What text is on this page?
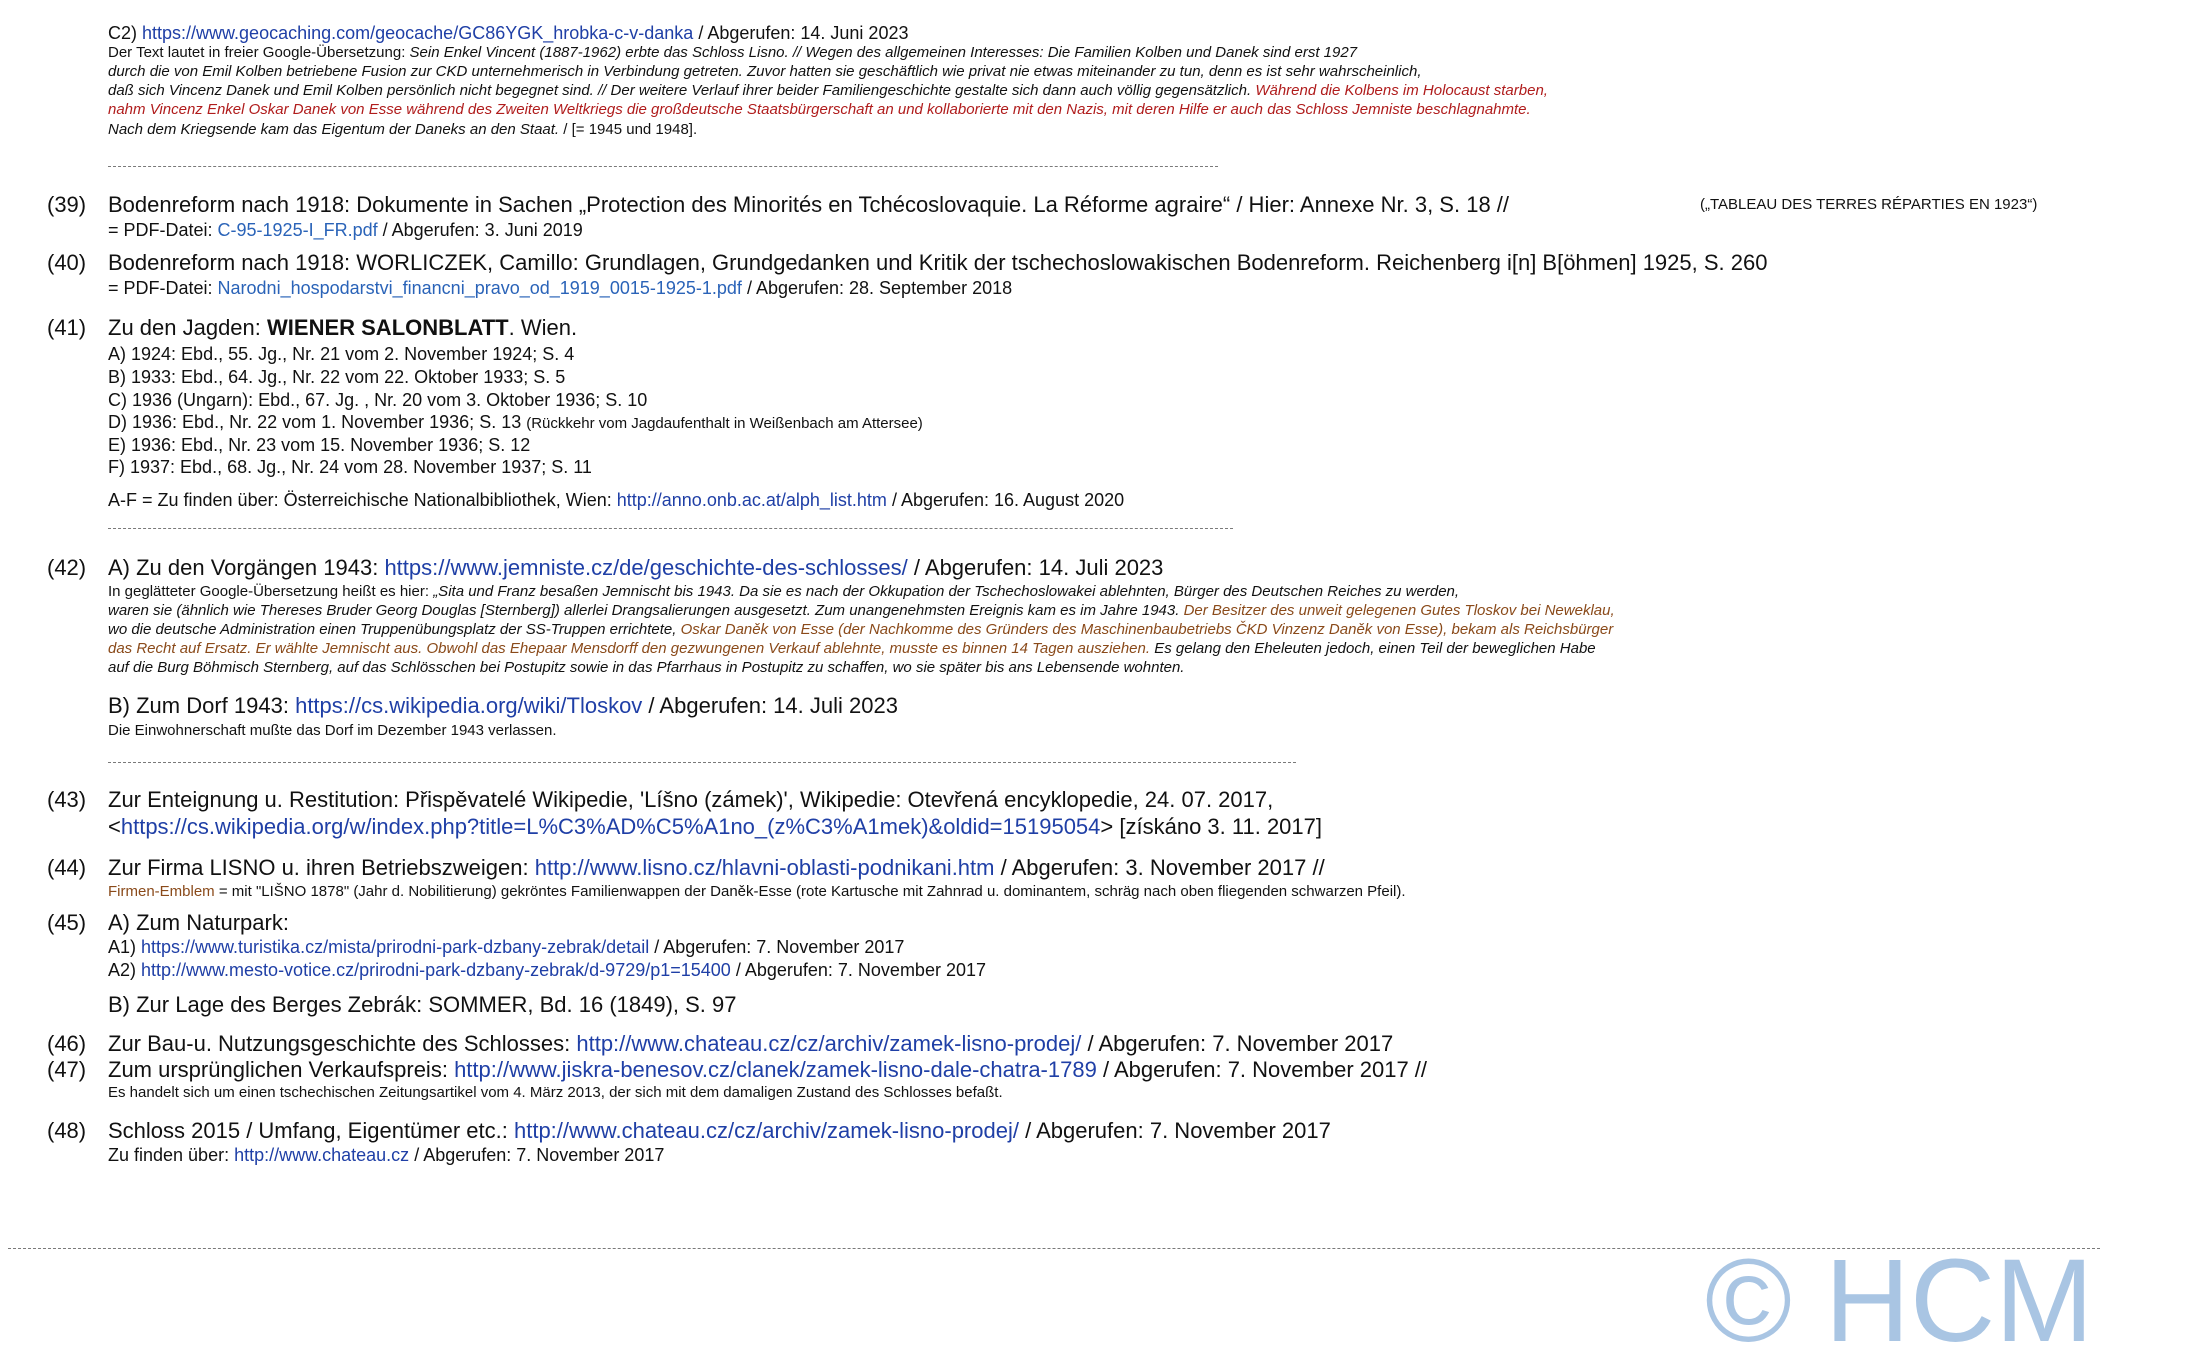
C2) https://www.geocaching.com/geocache/GC86YGK_hrobka-c-v-danka / Abgerufen: 14. Juni 2023
Der Text lautet in freier Google-Übersetzung: Sein Enkel Vincent (1887-1962) erbte das Schloss Lisno. // Wegen des allgemeinen Interesses: Die Familien Kolben und Danek sind erst 1927
durch die von Emil Kolben betriebene Fusion zur CKD unternehmerisch in Verbindung getreten. Zuvor hatten sie geschäftlich wie privat nie etwas miteinander zu tun, denn es ist sehr wahrscheinlich,
daß sich Vincenz Danek und Emil Kolben persönlich nicht begegnet sind. // Der weitere Verlauf ihrer beider Familiengeschichte gestalte sich dann auch völlig gegensätzlich. Während die Kolbens im Holocaust starben,
nahm Vincenz Enkel Oskar Danek von Esse während des Zweiten Weltkriegs die großdeutsche Staatsbürgerschaft an und kollaborierte mit den Nazis, mit deren Hilfe er auch das Schloss Jemniste beschlagnahmte.
Nach dem Kriegsende kam das Eigentum der Daneks an den Staat. / [= 1945 und 1948].
(39) Bodenreform nach 1918: Dokumente in Sachen „Protection des Minorités en Tchécoslovaquie. La Réforme agraire“ / Hier: Annexe Nr. 3, S. 18 //	(„TABLEAU DES TERRES RÉPARTIES EN 1923“)
= PDF-Datei: C-95-1925-I_FR.pdf / Abgerufen: 3. Juni 2019
(40) Bodenreform nach 1918: WORLICZEK, Camillo: Grundlagen, Grundgedanken und Kritik der tschechoslowakischen Bodenreform. Reichenberg i[n] B[öhmen] 1925, S. 260
= PDF-Datei: Narodni_hospodarstvi_financni_pravo_od_1919_0015-1925-1.pdf / Abgerufen: 28. September 2018
(41) Zu den Jagden: WIENER SALONBLATT. Wien.
A) 1924: Ebd., 55. Jg., Nr. 21 vom 2. November 1924; S. 4
B) 1933: Ebd., 64. Jg., Nr. 22 vom 22. Oktober 1933; S. 5
C) 1936 (Ungarn): Ebd., 67. Jg. , Nr. 20 vom 3. Oktober 1936; S. 10
D) 1936: Ebd., Nr. 22 vom 1. November 1936; S. 13 (Rückkehr vom Jagdaufenthalt in Weißenbach am Attersee)
E) 1936: Ebd., Nr. 23 vom 15. November 1936; S. 12
F) 1937: Ebd., 68. Jg., Nr. 24 vom 28. November 1937; S. 11
A-F = Zu finden über: Österreichische Nationalbibliothek, Wien: http://anno.onb.ac.at/alph_list.htm / Abgerufen: 16. August 2020
(42) A) Zu den Vorgängen 1943: https://www.jemniste.cz/de/geschichte-des-schlosses/ / Abgerufen: 14. Juli 2023
In geglätteter Google-Übersetzung heißt es hier: „Sita und Franz besaßen Jemnischt bis 1943. Da sie es nach der Okkupation der Tschechoslowakei ablehnten, Bürger des Deutschen Reiches zu werden,
waren sie (ähnlich wie Thereses Bruder Georg Douglas [Sternberg]) allerlei Drangsalierungen ausgesetzt. Zum unangenehmsten Ereignis kam es im Jahre 1943. Der Besitzer des unweit gelegenen Gutes Tloskov bei Neweklau,
wo die deutsche Administration einen Truppenübungsplatz der SS-Truppen errichtete, Oskar Daněk von Esse (der Nachkomme des Gründers des Maschinenbaubetriebs ČKD Vinzenz Daněk von Esse), bekam als Reichsbürger
das Recht auf Ersatz. Er wählte Jemnischt aus. Obwohl das Ehepaar Mensdorff den gezwungenen Verkauf ablehnte, musste es binnen 14 Tagen ausziehen. Es gelang den Eheleuten jedoch, einen Teil der beweglichen Habe
auf die Burg Böhmisch Sternberg, auf das Schlösschen bei Postupitz sowie in das Pfarrhaus in Postupitz zu schaffen, wo sie später bis ans Lebensende wohnten.
B) Zum Dorf 1943: https://cs.wikipedia.org/wiki/Tloskov / Abgerufen: 14. Juli 2023
Die Einwohnerschaft mußte das Dorf im Dezember 1943 verlassen.
(43) Zur Enteignung u. Restitution: Přispěvatelé Wikipedie, 'Líšno (zámek)', Wikipedie: Otevřená encyklopedie, 24. 07. 2017,
<https://cs.wikipedia.org/w/index.php?title=L%C3%AD%C5%A1no_(z%C3%A1mek)&oldid=15195054> [získáno 3. 11. 2017]
(44) Zur Firma LISNO u. ihren Betriebszweigen: http://www.lisno.cz/hlavni-oblasti-podnikani.htm / Abgerufen: 3. November 2017 //
Firmen-Emblem = mit "LIŠNO 1878" (Jahr d. Nobilitierung) gekröntes Familienwappen der Daněk-Esse (rote Kartusche mit Zahnrad u. dominantem, schräg nach oben fliegenden schwarzen Pfeil).
(45) A) Zum Naturpark:
A1) https://www.turistika.cz/mista/prirodni-park-dzbany-zebrak/detail / Abgerufen: 7. November 2017
A2) http://www.mesto-votice.cz/prirodni-park-dzbany-zebrak/d-9729/p1=15400 / Abgerufen: 7. November 2017
B) Zur Lage des Berges Zebrák: SOMMER, Bd. 16 (1849), S. 97
(46) Zur Bau-u. Nutzungsgeschichte des Schlosses: http://www.chateau.cz/cz/archiv/zamek-lisno-prodej/ / Abgerufen: 7. November 2017
(47) Zum ursprünglichen Verkaufspreis: http://www.jiskra-benesov.cz/clanek/zamek-lisno-dale-chatra-1789 / Abgerufen: 7. November 2017 //
Es handelt sich um einen tschechischen Zeitungsartikel vom 4. März 2013, der sich mit dem damaligen Zustand des Schlosses befaßt.
(48) Schloss 2015 / Umfang, Eigentümer etc.: http://www.chateau.cz/cz/archiv/zamek-lisno-prodej/ / Abgerufen: 7. November 2017
Zu finden über: http://www.chateau.cz / Abgerufen: 7. November 2017
© HCM
